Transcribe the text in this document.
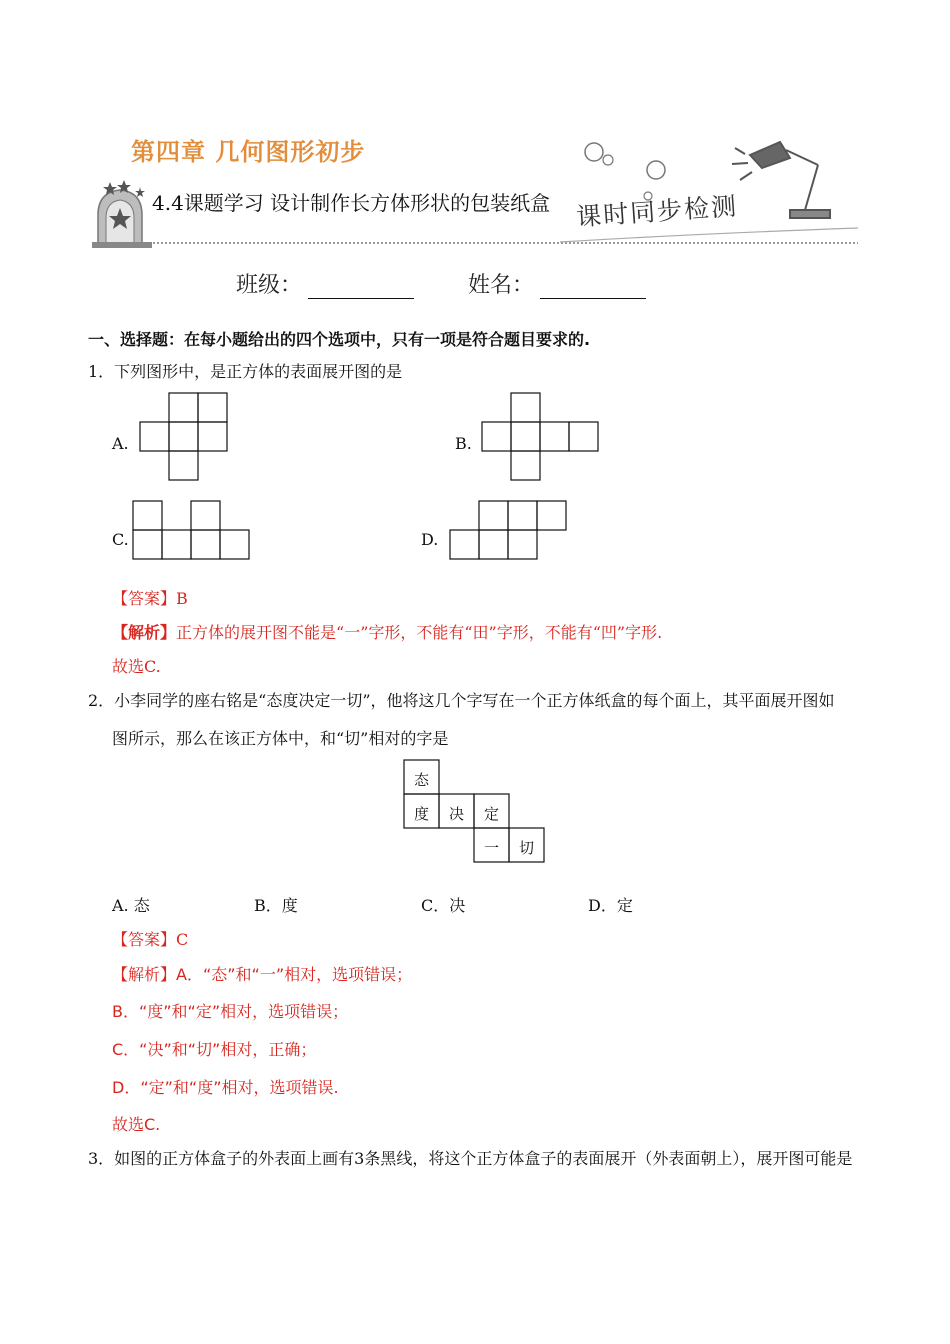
第四章 几何图形初步
4.4课题学习 设计制作长方体形状的包装纸盒 课时同步检测
班级：	姓名：
一、选择题：在每小题给出的四个选项中，只有一项是符合题目要求的.
1．下列图形中，是正方体的表面展开图的是
A.	B.
C.	D.
【答案】B
【解析】正方体的展开图不能是“一”字形，不能有“田”字形，不能有“凹”字形.
故选C.
2．小李同学的座右铭是“态度决定一切”，他将这几个字写在一个正方体纸盒的每个面上，其平面展开图如
图所示，那么在该正方体中，和“切”相对的字是
态
度 决 定
一 切
A. 态	B．度	C．决	D．定
【答案】C
【解析】A．“态”和“一”相对，选项错误；
B．“度”和“定”相对，选项错误；
C．“决”和“切”相对，正确；
D．“定”和“度”相对，选项错误.
故选C.
3．如图的正方体盒子的外表面上画有3条黑线，将这个正方体盒子的表面展开（外表面朝上），展开图可能是
